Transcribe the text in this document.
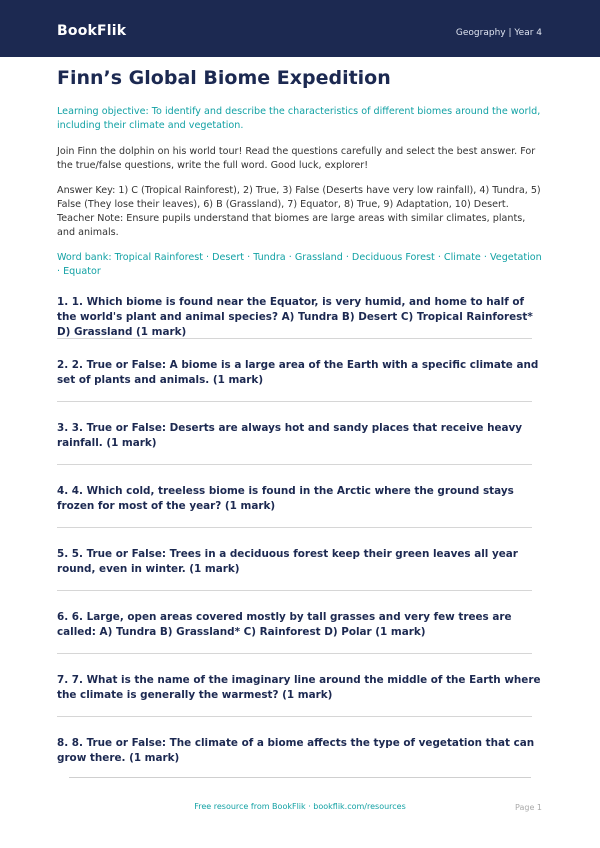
BookFlik	Geography | Year 4
Finn’s Global Biome Expedition
Learning objective: To identify and describe the characteristics of different biomes around the world, including their climate and vegetation.
Join Finn the dolphin on his world tour! Read the questions carefully and select the best answer. For the true/false questions, write the full word. Good luck, explorer!
Answer Key: 1) C (Tropical Rainforest), 2) True, 3) False (Deserts have very low rainfall), 4) Tundra, 5) False (They lose their leaves), 6) B (Grassland), 7) Equator, 8) True, 9) Adaptation, 10) Desert. Teacher Note: Ensure pupils understand that biomes are large areas with similar climates, plants, and animals.
Word bank: Tropical Rainforest · Desert · Tundra · Grassland · Deciduous Forest · Climate · Vegetation · Equator
1. 1. Which biome is found near the Equator, is very humid, and home to half of the world's plant and animal species? A) Tundra B) Desert C) Tropical Rainforest* D) Grassland (1 mark)
2. 2. True or False: A biome is a large area of the Earth with a specific climate and set of plants and animals. (1 mark)
3. 3. True or False: Deserts are always hot and sandy places that receive heavy rainfall. (1 mark)
4. 4. Which cold, treeless biome is found in the Arctic where the ground stays frozen for most of the year? (1 mark)
5. 5. True or False: Trees in a deciduous forest keep their green leaves all year round, even in winter. (1 mark)
6. 6. Large, open areas covered mostly by tall grasses and very few trees are called: A) Tundra B) Grassland* C) Rainforest D) Polar (1 mark)
7. 7. What is the name of the imaginary line around the middle of the Earth where the climate is generally the warmest? (1 mark)
8. 8. True or False: The climate of a biome affects the type of vegetation that can grow there. (1 mark)
Free resource from BookFlik · bookflik.com/resources	Page 1
